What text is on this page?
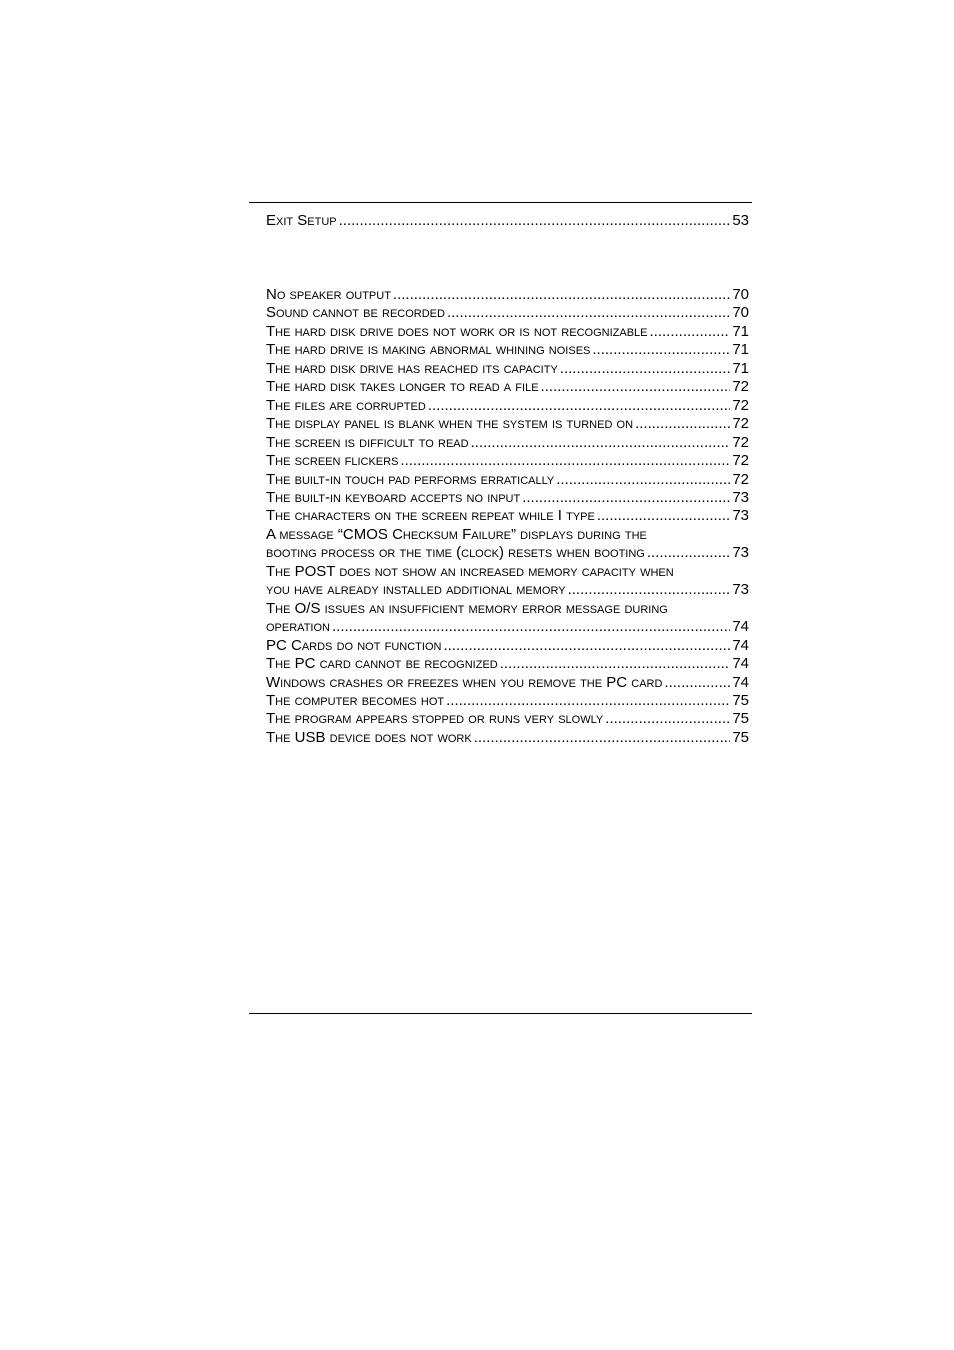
Exit Setup .....	53
No speaker output .....	70
Sound cannot be recorded .....	70
The hard disk drive does not work or is not recognizable .....	71
The hard drive is making abnormal whining noises .....	71
The hard disk drive has reached its capacity .....	71
The hard disk takes longer to read a file .....	72
The files are corrupted .....	72
The display panel is blank when the system is turned on .....	72
The screen is difficult to read .....	72
The screen flickers .....	72
The built-in touch pad performs erratically .....	72
The built-in keyboard accepts no input .....	73
The characters on the screen repeat while I type .....	73
A message “CMOS Checksum Failure” displays during the
booting process or the time (clock) resets when booting .....	73
The POST does not show an increased memory capacity when
you have already installed additional memory .....	73
The O/S issues an insufficient memory error message during
operation .....	74
PC Cards do not function .....	74
The PC card cannot be recognized .....	74
Windows crashes or freezes when you remove the PC card .....	74
The computer becomes hot .....	75
The program appears stopped or runs very slowly .....	75
The USB device does not work .....	75
